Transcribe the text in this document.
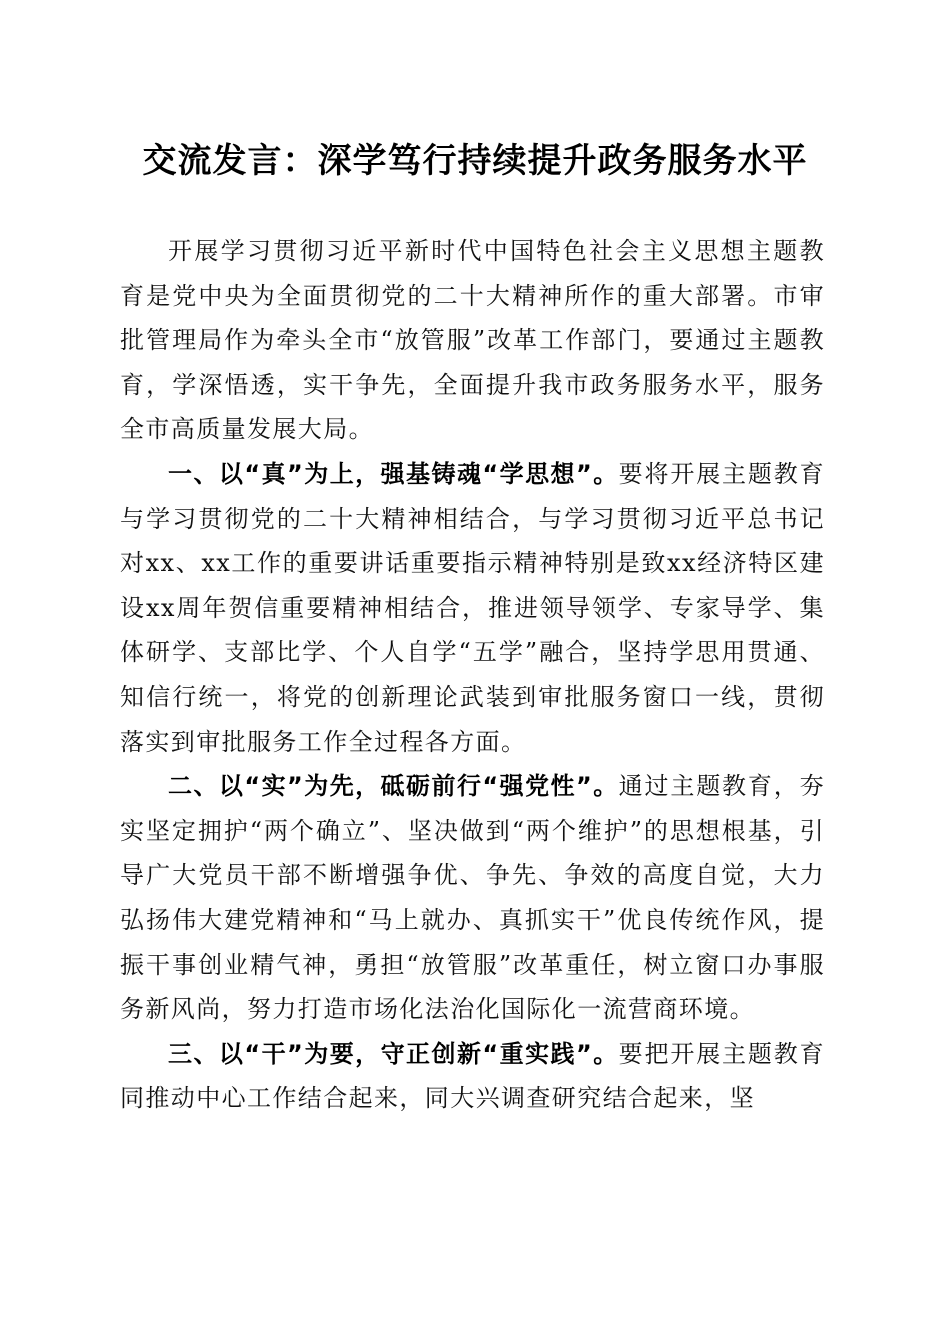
交流发言：深学笃行持续提升政务服务水平

开展学习贯彻习近平新时代中国特色社会主义思想主题教育是党中央为全面贯彻党的二十大精神所作的重大部署。市审批管理局作为牵头全市“放管服”改革工作部门，要通过主题教育，学深悟透，实干争先，全面提升我市政务服务水平，服务全市高质量发展大局。

一、以“真”为上，强基铸魂“学思想”。要将开展主题教育与学习贯彻党的二十大精神相结合，与学习贯彻习近平总书记对xx、xx工作的重要讲话重要指示精神特别是致xx经济特区建设xx周年贺信重要精神相结合，推进领导领学、专家导学、集体研学、支部比学、个人自学“五学”融合，坚持学思用贯通、知信行统一，将党的创新理论武装到审批服务窗口一线，贯彻落实到审批服务工作全过程各方面。

二、以“实”为先，砥砺前行“强党性”。通过主题教育，夯实坚定拥护“两个确立”、坚决做到“两个维护”的思想根基，引导广大党员干部不断增强争优、争先、争效的高度自觉，大力弘扬伟大建党精神和“马上就办、真抓实干”优良传统作风，提振干事创业精气神，勇担“放管服”改革重任，树立窗口办事服务新风尚，努力打造市场化法治化国际化一流营商环境。

三、以“干”为要，守正创新“重实践”。要把开展主题教育同推动中心工作结合起来，同大兴调查研究结合起来，坚
